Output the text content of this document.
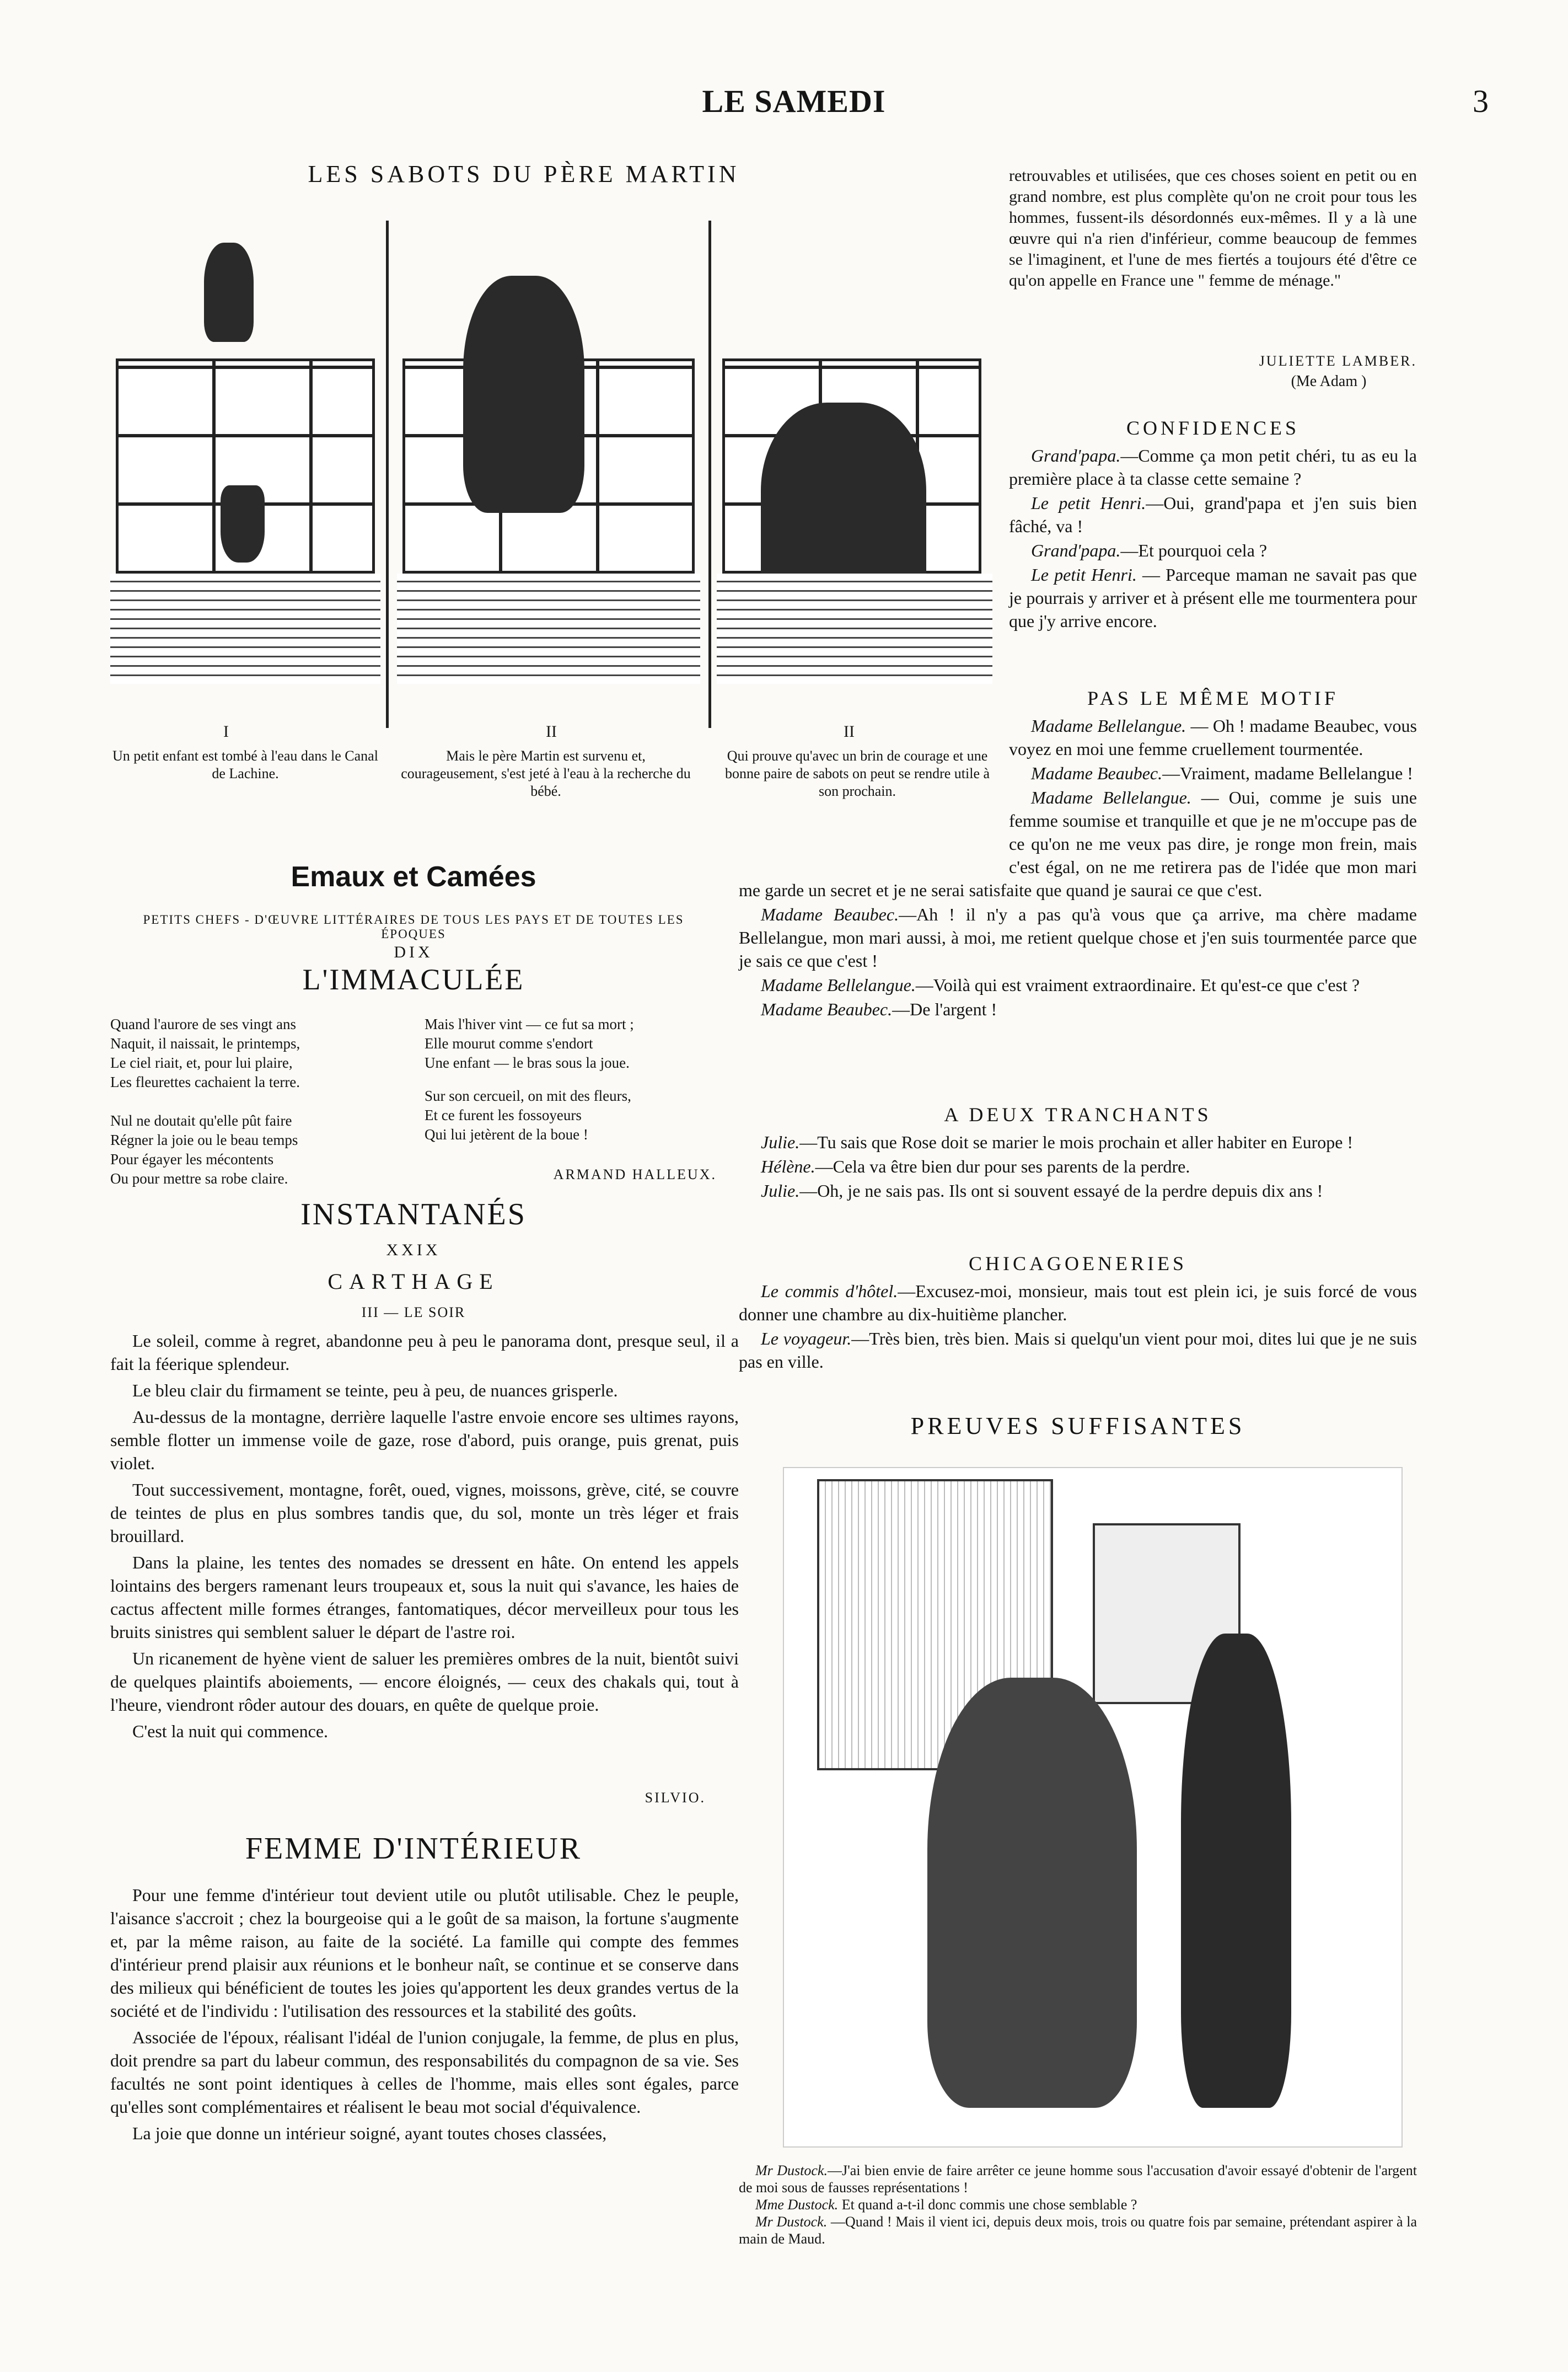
LE SAMEDI	3
LES SABOTS DU PÈRE MARTIN
I	II	II
Un petit enfant est tombé à l'eau dans le Canal de Lachine.
Mais le père Martin est survenu et, courageusement, s'est jeté à l'eau à la recherche du bébé.
Qui prouve qu'avec un brin de courage et une bonne paire de sabots on peut se rendre utile à son prochain.
Emaux et Camées
PETITS CHEFS - D'ŒUVRE LITTÉRAIRES DE TOUS LES PAYS ET DE TOUTES LES ÉPOQUES
DIX
L'IMMACULÉE
Quand l'aurore de ses vingt ans
Naquit, il naissait, le printemps,
Le ciel riait, et, pour lui plaire,
Les fleurettes cachaient la terre.
Nul ne doutait qu'elle pût faire
Régner la joie ou le beau temps
Pour égayer les mécontents
Ou pour mettre sa robe claire.
Mais l'hiver vint — ce fut sa mort ;
Elle mourut comme s'endort
Une enfant — le bras sous la joue.
Sur son cercueil, on mit des fleurs,
Et ce furent les fossoyeurs
Qui lui jetèrent de la boue !
ARMAND HALLEUX.
INSTANTANÉS
XXIX
CARTHAGE
III — LE SOIR

Le soleil, comme à regret, abandonne peu à peu le panorama dont, presque seul, il a fait la féerique splendeur.

Le bleu clair du firmament se teinte, peu à peu, de nuances grisperle.

Au-dessus de la montagne, derrière laquelle l'astre envoie encore ses ultimes rayons, semble flotter un immense voile de gaze, rose d'abord, puis orange, puis grenat, puis violet.

Tout successivement, montagne, forêt, oued, vignes, moissons, grève, cité, se couvre de teintes de plus en plus sombres tandis que, du sol, monte un très léger et frais brouillard.

Dans la plaine, les tentes des nomades se dressent en hâte. On entend les appels lointains des bergers ramenant leurs troupeaux et, sous la nuit qui s'avance, les haies de cactus affectent mille formes étranges, fantomatiques, décor merveilleux pour tous les bruits sinistres qui semblent saluer le départ de l'astre roi.

Un ricanement de hyène vient de saluer les premières ombres de la nuit, bientôt suivi de quelques plaintifs aboiements, — encore éloignés, — ceux des chakals qui, tout à l'heure, viendront rôder autour des douars, en quête de quelque proie.

C'est la nuit qui commence.

SILVIO.
FEMME D'INTÉRIEUR

Pour une femme d'intérieur tout devient utile ou plutôt utilisable. Chez le peuple, l'aisance s'accroit ; chez la bourgeoise qui a le goût de sa maison, la fortune s'augmente et, par la même raison, au faite de la société. La famille qui compte des femmes d'intérieur prend plaisir aux réunions et le bonheur naît, se continue et se conserve dans des milieux qui bénéficient de toutes les joies qu'apportent les deux grandes vertus de la société et de l'individu : l'utilisation des ressources et la stabilité des goûts.

Associée de l'époux, réalisant l'idéal de l'union conjugale, la femme, de plus en plus, doit prendre sa part du labeur commun, des responsabilités du compagnon de sa vie. Ses facultés ne sont point identiques à celles de l'homme, mais elles sont égales, parce qu'elles sont complémentaires et réalisent le beau mot social d'équivalence.

La joie que donne un intérieur soigné, ayant toutes choses classées,

retrouvables et utilisées, que ces choses soient en petit ou en grand nombre, est plus complète qu'on ne croit pour tous les hommes, fussent-ils désordonnés eux-mêmes. Il y a là une œuvre qui n'a rien d'inférieur, comme beaucoup de femmes se l'imaginent, et l'une de mes fiertés a toujours été d'être ce qu'on appelle en France une " femme de ménage."

JULIETTE LAMBER.
(Me Adam )
CONFIDENCES

Grand'papa.—Comme ça mon petit chéri, tu as eu la première place à ta classe cette semaine ?

Le petit Henri.—Oui, grand'papa et j'en suis bien fâché, va !

Grand'papa.—Et pourquoi cela ?

Le petit Henri. — Parceque maman ne savait pas que je pourrais y arriver et à présent elle me tourmentera pour que j'y arrive encore.

PAS LE MÊME MOTIF

Madame Bellelangue. — Oh ! madame Beaubec, vous voyez en moi une femme cruellement tourmentée.

Madame Beaubec.—Vraiment, madame Bellelangue !

Madame Bellelangue. — Oui, comme je suis une femme soumise et tranquille et que je ne m'occupe pas de ce qu'on ne me veux pas dire, je ronge mon frein, mais c'est égal, on ne me retirera pas de l'idée que mon mari me garde un secret et je ne serai satisfaite que quand je saurai ce que c'est.

Madame Beaubec.—Ah ! il n'y a pas qu'à vous que ça arrive, ma chère madame Bellelangue, mon mari aussi, à moi, me retient quelque chose et j'en suis tourmentée parce que je sais ce que c'est !

Madame Bellelangue.—Voilà qui est vraiment extraordinaire. Et qu'est-ce que c'est ?

Madame Beaubec.—De l'argent !

A DEUX TRANCHANTS

Julie.—Tu sais que Rose doit se marier le mois prochain et aller habiter en Europe !

Hélène.—Cela va être bien dur pour ses parents de la perdre.

Julie.—Oh, je ne sais pas. Ils ont si souvent essayé de la perdre depuis dix ans !

CHICAGOENERIES

Le commis d'hôtel.—Excusez-moi, monsieur, mais tout est plein ici, je suis forcé de vous donner une chambre au dix-huitième plancher.

Le voyageur.—Très bien, très bien. Mais si quelqu'un vient pour moi, dites lui que je ne suis pas en ville.

PREUVES SUFFISANTES

Mr Dustock.—J'ai bien envie de faire arrêter ce jeune homme sous l'accusation d'avoir essayé d'obtenir de l'argent de moi sous de fausses représentations !

Mme Dustock. Et quand a-t-il donc commis une chose semblable ?

Mr Dustock. —Quand ! Mais il vient ici, depuis deux mois, trois ou quatre fois par semaine, prétendant aspirer à la main de Maud.
